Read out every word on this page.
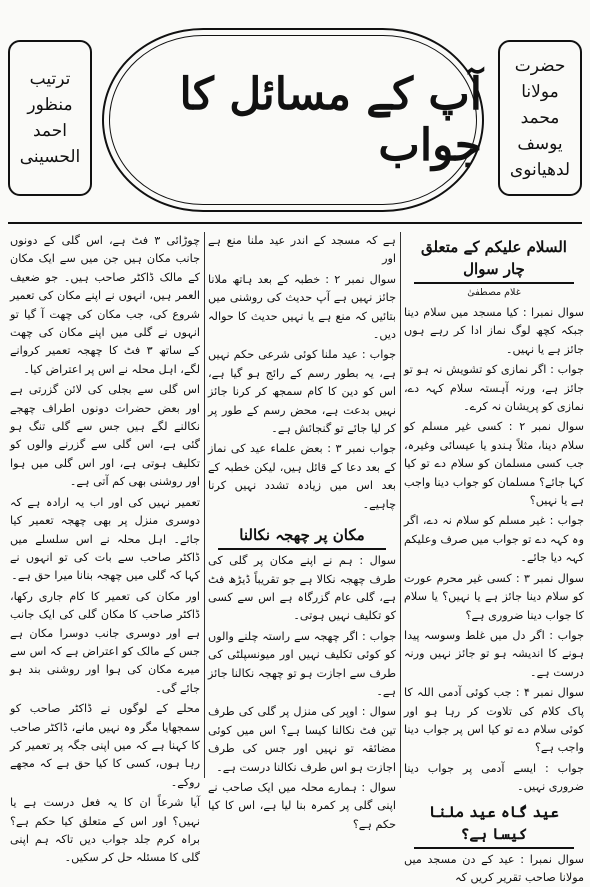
ترتیب
منظور احمد
الحسینی
آپ کے مسائل کا جواب
حضرت
مولانا
محمد یوسف
لدھیانوی
السلام علیکم کے متعلق چار سوال
غلام مصطفیٰ

سوال نمبرا : کیا مسجد میں سلام دینا جبکہ کچھ لوگ نماز ادا کر رہے ہوں جائز ہے یا نہیں۔

جواب : اگر نمازی کو تشویش نہ ہو تو جائز ہے، ورنہ آہستہ سلام کہہ دے، نمازی کو پریشان نہ کرے۔

سوال نمبر ۲ : کسی غیر مسلم کو سلام دینا، مثلاً ہندو یا عیسائی وغیرہ، جب کسی مسلمان کو سلام دے تو کیا کہا جائے؟ مسلمان کو جواب دینا واجب ہے یا نہیں؟

جواب : غیر مسلم کو سلام نہ دے، اگر وہ کہہ دے تو جواب میں صرف وعلیکم کہہ دیا جائے۔

سوال نمبر ۳ : کسی غیر محرم عورت کو سلام دینا جائز ہے یا نہیں؟ یا سلام کا جواب دینا ضروری ہے؟

جواب : اگر دل میں غلط وسوسہ پیدا ہونے کا اندیشہ ہو تو جائز نہیں ورنہ درست ہے۔

سوال نمبر ۴ : جب کوئی آدمی اللہ کا پاک کلام کی تلاوت کر رہا ہو اور کوئی سلام دے تو کیا اس پر جواب دینا واجب ہے؟

جواب : ایسے آدمی پر جواب دینا ضروری نہیں۔

عید گاہ عید ملنا کیسا ہے؟

سوال نمبرا : عید کے دن مسجد میں مولانا صاحب تقریر کریں کہ

ہے کہ مسجد کے اندر عید ملنا منع ہے اور

سوال نمبر ۲ : خطبہ کے بعد ہاتھ ملانا جائز نہیں ہے آپ حدیث کی روشنی میں بتائیں کہ منع ہے یا نہیں حدیث کا حوالہ دیں۔

جواب : عید ملنا کوئی شرعی حکم نہیں ہے، یہ بطور رسم کے رائج ہو گیا ہے، اس کو دین کا کام سمجھ کر کرنا جائز نہیں بدعت ہے، محض رسم کے طور پر کر لیا جائے تو گنجائش ہے۔

جواب نمبر ۳ : بعض علماء عید کی نماز کے بعد دعا کے قائل ہیں، لیکن خطبہ کے بعد اس میں زیادہ تشدد نہیں کرنا چاہیے۔

مکان پر چھجہ نکالنا

سوال : ہم نے اپنے مکان پر گلی کی طرف چھجہ نکالا ہے جو تقریباً ڈیڑھ فٹ ہے، گلی عام گزرگاہ ہے اس سے کسی کو تکلیف نہیں ہوتی۔

جواب : اگر چھجہ سے راستہ چلنے والوں کو کوئی تکلیف نہیں اور میونسپلٹی کی طرف سے اجازت ہو تو چھجہ نکالنا جائز ہے۔

سوال : اوپر کی منزل پر گلی کی طرف تین فٹ نکالنا کیسا ہے؟ اس میں کوئی مضائقہ تو نہیں اور جس کی طرف اجازت ہو اس طرف نکالنا درست ہے۔

سوال : ہمارے محلہ میں ایک صاحب نے اپنی گلی پر کمرہ بنا لیا ہے، اس کا کیا حکم ہے؟

چوڑائی ۳ فٹ ہے، اس گلی کے دونوں جانب مکان ہیں جن میں سے ایک مکان کے مالک ڈاکٹر صاحب ہیں۔ جو ضعیف العمر ہیں، انہوں نے اپنے مکان کی تعمیر شروع کی، جب مکان کی چھت آ گیا تو انہوں نے گلی میں اپنے مکان کی چھت کے ساتھ ۳ فٹ کا چھجہ تعمیر کروانے لگے، اہل محلہ نے اس پر اعتراض کیا۔

اس گلی سے بجلی کی لائن گزرتی ہے اور بعض حضرات دونوں اطراف چھجے نکالنے لگے ہیں جس سے گلی تنگ ہو گئی ہے، اس گلی سے گزرنے والوں کو تکلیف ہوتی ہے، اور اس گلی میں ہوا اور روشنی بھی کم آتی ہے۔

تعمیر نہیں کی اور اب یہ ارادہ ہے کہ دوسری منزل پر بھی چھجہ تعمیر کیا جائے۔ اہل محلہ نے اس سلسلے میں ڈاکٹر صاحب سے بات کی تو انہوں نے کہا کہ گلی میں چھجہ بنانا میرا حق ہے۔

اور مکان کی تعمیر کا کام جاری رکھا، ڈاکٹر صاحب کا مکان گلی کی ایک جانب ہے اور دوسری جانب دوسرا مکان ہے جس کے مالک کو اعتراض ہے کہ اس سے میرے مکان کی ہوا اور روشنی بند ہو جائے گی۔

محلے کے لوگوں نے ڈاکٹر صاحب کو سمجھایا مگر وہ نہیں مانے، ڈاکٹر صاحب کا کہنا ہے کہ میں اپنی جگہ پر تعمیر کر رہا ہوں، کسی کا کیا حق ہے کہ مجھے روکے۔

آیا شرعاً ان کا یہ فعل درست ہے یا نہیں؟ اور اس کے متعلق کیا حکم ہے؟ براہ کرم جلد جواب دیں تاکہ ہم اپنی گلی کا مسئلہ حل کر سکیں۔
